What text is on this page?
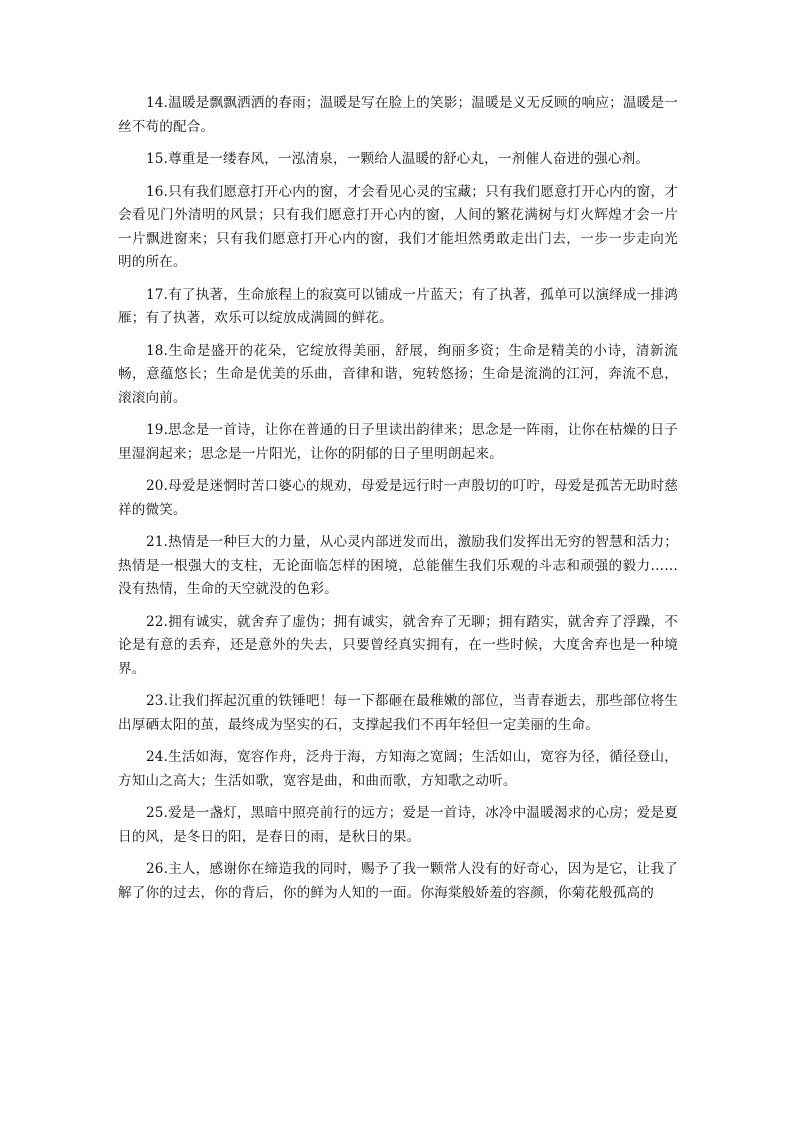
14.温暖是飘飘洒洒的春雨；温暖是写在脸上的笑影；温暖是义无反顾的响应；温暖是一丝不苟的配合。

15.尊重是一缕春风，一泓清泉，一颗给人温暖的舒心丸，一剂催人奋进的强心剂。

16.只有我们愿意打开心内的窗，才会看见心灵的宝藏；只有我们愿意打开心内的窗，才会看见门外清明的风景；只有我们愿意打开心内的窗，人间的繁花满树与灯火辉煌才会一片一片飘进窗来；只有我们愿意打开心内的窗，我们才能坦然勇敢走出门去，一步一步走向光明的所在。

17.有了执著，生命旅程上的寂寞可以铺成一片蓝天；有了执著，孤单可以演绎成一排鸿雁；有了执著，欢乐可以绽放成满圆的鲜花。

18.生命是盛开的花朵，它绽放得美丽，舒展，绚丽多资；生命是精美的小诗，清新流畅，意蕴悠长；生命是优美的乐曲，音律和谐，宛转悠扬；生命是流淌的江河，奔流不息，滚滚向前。

19.思念是一首诗，让你在普通的日子里读出韵律来；思念是一阵雨，让你在枯燥的日子里湿润起来；思念是一片阳光，让你的阴郁的日子里明朗起来。

20.母爱是迷惘时苦口婆心的规劝，母爱是远行时一声殷切的叮咛，母爱是孤苦无助时慈祥的微笑。

21.热情是一种巨大的力量，从心灵内部迸发而出，激励我们发挥出无穷的智慧和活力；热情是一根强大的支柱，无论面临怎样的困境，总能催生我们乐观的斗志和顽强的毅力……没有热情，生命的天空就没的色彩。

22.拥有诚实，就舍弃了虚伪；拥有诚实，就舍弃了无聊；拥有踏实，就舍弃了浮躁，不论是有意的丢弃，还是意外的失去，只要曾经真实拥有，在一些时候，大度舍弃也是一种境界。

23.让我们挥起沉重的铁锤吧！每一下都砸在最稚嫩的部位，当青春逝去，那些部位将生出厚硒太阳的茧，最终成为坚实的石，支撑起我们不再年轻但一定美丽的生命。

24.生活如海，宽容作舟，泛舟于海，方知海之宽阔；生活如山，宽容为径，循径登山，方知山之高大；生活如歌，宽容是曲，和曲而歌，方知歌之动听。

25.爱是一盏灯，黑暗中照亮前行的远方；爱是一首诗，冰冷中温暖渴求的心房；爱是夏日的风，是冬日的阳，是春日的雨，是秋日的果。

26.主人，感谢你在缔造我的同时，赐予了我一颗常人没有的好奇心，因为是它，让我了解了你的过去，你的背后，你的鲜为人知的一面。你海棠般娇羞的容颜，你菊花般孤高的
